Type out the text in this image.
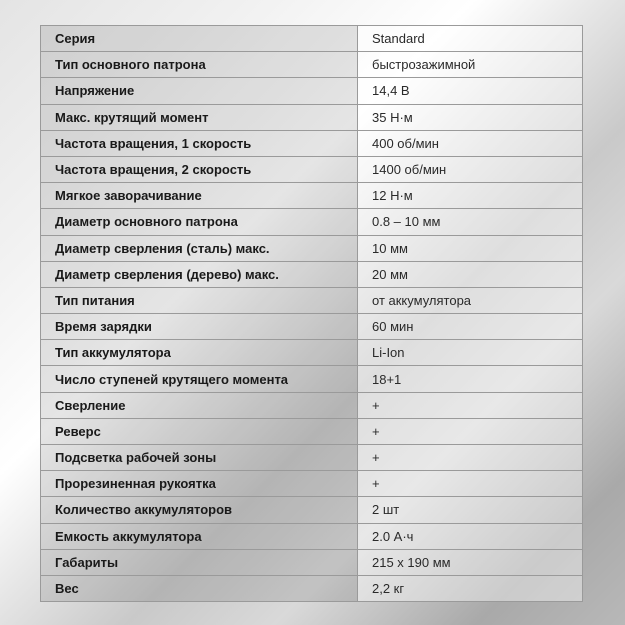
Серия	Standard
Тип основного патрона	быстрозажимной
Напряжение	14,4 В
Макс. крутящий момент	35 Н·м
Частота вращения, 1 скорость	400 об/мин
Частота вращения, 2 скорость	1400 об/мин
Мягкое заворачивание	12 Н·м
Диаметр основного патрона	0.8 – 10 мм
Диаметр сверления (сталь) макс.	10 мм
Диаметр сверления (дерево) макс.	20 мм
Тип питания	от аккумулятора
Время зарядки	60 мин
Тип аккумулятора	Li-Ion
Число ступеней крутящего момента	18+1
Сверление	+
Реверс	+
Подсветка рабочей зоны	+
Прорезиненная рукоятка	+
Количество аккумуляторов	2 шт
Емкость аккумулятора	2.0 А·ч
Габариты	215 х 190 мм
Вес	2,2 кг
